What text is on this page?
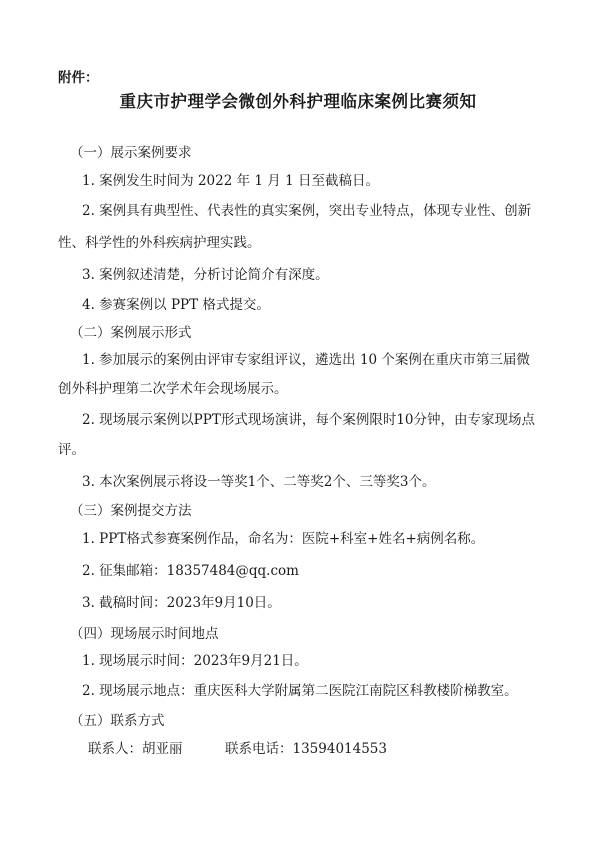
附件：
重庆市护理学会微创外科护理临床案例比赛须知
（一）展示案例要求
1. 案例发生时间为 2022 年 1 月 1 日至截稿日。
2. 案例具有典型性、代表性的真实案例，突出专业特点，体现专业性、创新
性、科学性的外科疾病护理实践。
3. 案例叙述清楚，分析讨论简介有深度。
4. 参赛案例以 PPT 格式提交。
（二）案例展示形式
1. 参加展示的案例由评审专家组评议，遴选出 10 个案例在重庆市第三届微
创外科护理第二次学术年会现场展示。
2. 现场展示案例以PPT形式现场演讲，每个案例限时10分钟，由专家现场点
评。
3. 本次案例展示将设一等奖1个、二等奖2个、三等奖3个。
（三）案例提交方法
1. PPT格式参赛案例作品，命名为：医院+科室+姓名+病例名称。
2. 征集邮箱：18357484@qq.com
3. 截稿时间：2023年9月10日。
（四）现场展示时间地点
1. 现场展示时间：2023年9月21日。
2. 现场展示地点：重庆医科大学附属第二医院江南院区科教楼阶梯教室。
（五）联系方式
联系人：胡亚丽	联系电话：13594014553
